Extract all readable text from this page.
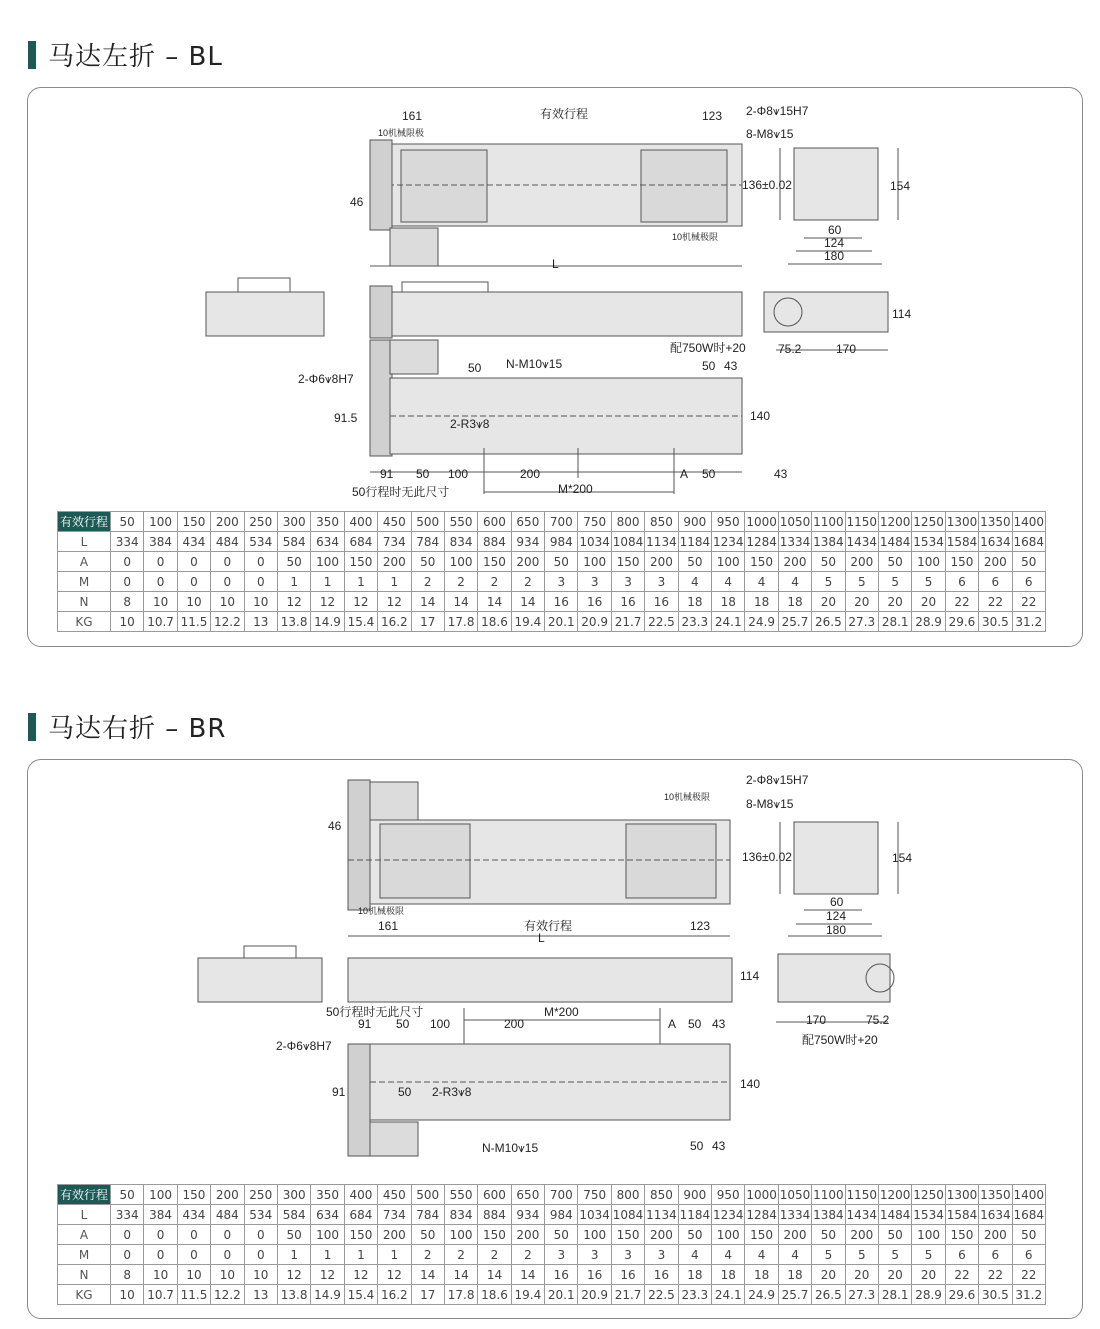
马达左折 – BL
161	有效行程	123 2-Φ8⩛15H7
8-M8⩛15
10机械限极
10机械极限
46
136±0.02	154
60
124
180
L
114
配750W时+20	75.2	170
2-Φ6⩛8H7
50 N-M10⩛15	50 43
91.5	2-R3⩛8
140
91 50 100	200	A 50	43
50行程时无此尺寸	M*200
马达右折 – BR
2-Φ8⩛15H7
10机械极限	8-M8⩛15
46
136±0.02	154
10机械极限
60
161	有效行程	123
124
L
180
114
170	75.2
配750W时+20
50行程时无此尺寸	M*200
91 50 100	200	A 50 43
2-Φ6⩛8H7
140
91	50 2-R3⩛8
N-M10⩛15	50 43
有效行程	50	100	150	200	250	300	350	400	450	500	550	600	650	700	750	800	850	900	950	1000	1050	1100	1150	1200	1250	1300	1350	1400
L	334	384	434	484	534	584	634	684	734	784	834	884	934	984	1034	1084	1134	1184	1234	1284	1334	1384	1434	1484	1534	1584	1634	1684
A	0	0	0	0	0	50	100	150	200	50	100	150	200	50	100	150	200	50	100	150	200	50	200	50	100	150	200	50
M	0	0	0	0	0	1	1	1	1	2	2	2	2	3	3	3	3	4	4	4	4	5	5	5	5	6	6	6
N	8	10	10	10	10	12	12	12	12	14	14	14	14	16	16	16	16	18	18	18	18	20	20	20	20	22	22	22
KG	10	10.7	11.5	12.2	13	13.8	14.9	15.4	16.2	17	17.8	18.6	19.4	20.1	20.9	21.7	22.5	23.3	24.1	24.9	25.7	26.5	27.3	28.1	28.9	29.6	30.5	31.2
有效行程	50	100	150	200	250	300	350	400	450	500	550	600	650	700	750	800	850	900	950	1000	1050	1100	1150	1200	1250	1300	1350	1400
L	334	384	434	484	534	584	634	684	734	784	834	884	934	984	1034	1084	1134	1184	1234	1284	1334	1384	1434	1484	1534	1584	1634	1684
A	0	0	0	0	0	50	100	150	200	50	100	150	200	50	100	150	200	50	100	150	200	50	200	50	100	150	200	50
M	0	0	0	0	0	1	1	1	1	2	2	2	2	3	3	3	3	4	4	4	4	5	5	5	5	6	6	6
N	8	10	10	10	10	12	12	12	12	14	14	14	14	16	16	16	16	18	18	18	18	20	20	20	20	22	22	22
KG	10	10.7	11.5	12.2	13	13.8	14.9	15.4	16.2	17	17.8	18.6	19.4	20.1	20.9	21.7	22.5	23.3	24.1	24.9	25.7	26.5	27.3	28.1	28.9	29.6	30.5	31.2
